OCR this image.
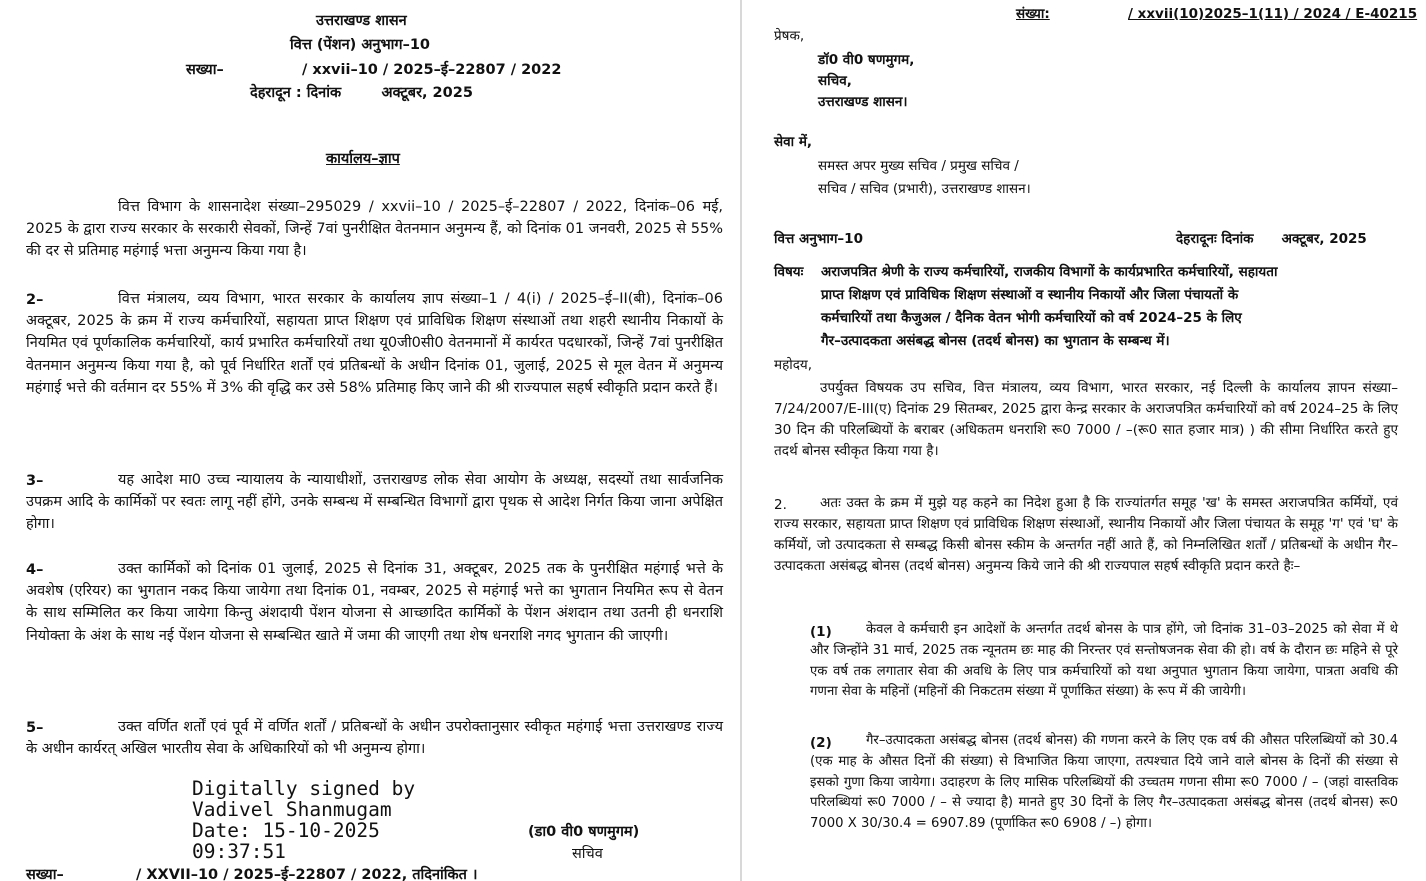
उत्तराखण्ड शासन
वित्त (पेंशन) अनुभाग–10
सख्या–	/ xxvii–10 / 2025–ई–22807 / 2022
देहरादून : दिनांक        अक्टूबर, 2025
कार्यालय–ज्ञाप
वित्त विभाग के शासनादेश संख्या–295029 / xxvii–10 / 2025–ई–22807 / 2022, दिनांक–06 मई, 2025 के द्वारा राज्य सरकार के सरकारी सेवकों, जिन्हें 7वां पुनरीक्षित वेतनमान अनुमन्य हैं, को दिनांक 01 जनवरी, 2025 से 55% की दर से प्रतिमाह महंगाई भत्ता अनुमन्य किया गया है।
2–	वित्त मंत्रालय, व्यय विभाग, भारत सरकार के कार्यालय ज्ञाप संख्या–1 / 4(i) / 2025–ई–II(बी), दिनांक–06 अक्टूबर, 2025 के क्रम में राज्य कर्मचारियों, सहायता प्राप्त शिक्षण एवं प्राविधिक शिक्षण संस्थाओं तथा शहरी स्थानीय निकायों के नियमित एवं पूर्णकालिक कर्मचारियों, कार्य प्रभारित कर्मचारियों तथा यू0जी0सी0 वेतनमानों में कार्यरत पदधारकों, जिन्हें 7वां पुनरीक्षित वेतनमान अनुमन्य किया गया है, को पूर्व निर्धारित शर्तों एवं प्रतिबन्धों के अधीन दिनांक 01, जुलाई, 2025 से मूल वेतन में अनुमन्य महंगाई भत्ते की वर्तमान दर 55% में 3% की वृद्धि कर उसे 58% प्रतिमाह किए जाने की श्री राज्यपाल सहर्ष स्वीकृति प्रदान करते हैं।
3–	यह आदेश मा0 उच्च न्यायालय के न्यायाधीशों, उत्तराखण्ड लोक सेवा आयोग के अध्यक्ष, सदस्यों तथा सार्वजनिक उपक्रम आदि के कार्मिकों पर स्वतः लागू नहीं होंगे, उनके सम्बन्ध में सम्बन्धित विभागों द्वारा पृथक से आदेश निर्गत किया जाना अपेक्षित होगा।
4–	उक्त कार्मिकों को दिनांक 01 जुलाई, 2025 से दिनांक 31, अक्टूबर, 2025 तक के पुनरीक्षित महंगाई भत्ते के अवशेष (एरियर) का भुगतान नकद किया जायेगा तथा दिनांक 01, नवम्बर, 2025 से महंगाई भत्ते का भुगतान नियमित रूप से वेतन के साथ सम्मिलित कर किया जायेगा किन्तु अंशदायी पेंशन योजना से आच्छादित कार्मिकों के पेंशन अंशदान तथा उतनी ही धनराशि नियोक्ता के अंश के साथ नई पेंशन योजना से सम्बन्धित खाते में जमा की जाएगी तथा शेष धनराशि नगद भुगतान की जाएगी।
5–	उक्त वर्णित शर्तों एवं पूर्व में वर्णित शर्तों / प्रतिबन्धों के अधीन उपरोक्तानुसार स्वीकृत महंगाई भत्ता उत्तराखण्ड राज्य के अधीन कार्यरत् अखिल भारतीय सेवा के अधिकारियों को भी अनुमन्य होगा।
Digitally signed by
Vadivel Shanmugam
Date: 15-10-2025
09:37:51
(डा0 वी0 षणमुगम)
सचिव
सख्या–	/ XXVII–10 / 2025–ई–22807 / 2022, तदिनांकित ।
संख्या:	/ xxvii(10)2025–1(11) / 2024 / E-40215
प्रेषक,
डॉ0 वी0 षणमुगम,
सचिव,
उत्तराखण्ड शासन।
सेवा में,
समस्त अपर मुख्य सचिव / प्रमुख सचिव /
सचिव / सचिव (प्रभारी), उत्तराखण्ड शासन।
वित्त अनुभाग–10	देहरादूनः दिनांक      अक्टूबर, 2025
विषयः अराजपत्रित श्रेणी के राज्य कर्मचारियों, राजकीय विभागों के कार्यप्रभारित कर्मचारियों, सहायता
प्राप्त शिक्षण एवं प्राविधिक शिक्षण संस्थाओं व स्थानीय निकायों और जिला पंचायतों के
कर्मचारियों तथा कैजुअल / दैनिक वेतन भोगी कर्मचारियों को वर्ष 2024–25 के लिए
गैर–उत्पादकता असंबद्ध बोनस (तदर्थ बोनस) का भुगतान के सम्बन्ध में।
महोदय,
उपर्युक्त विषयक उप सचिव, वित्त मंत्रालय, व्यय विभाग, भारत सरकार, नई दिल्ली के कार्यालय ज्ञापन संख्या–7/24/2007/E-III(ए) दिनांक 29 सितम्बर, 2025 द्वारा केन्द्र सरकार के अराजपत्रित कर्मचारियों को वर्ष 2024–25 के लिए 30 दिन की परिलब्धियों के बराबर (अधिकतम धनराशि रू0 7000 / –(रू0 सात हजार मात्र) ) की सीमा निर्धारित करते हुए तदर्थ बोनस स्वीकृत किया गया है।
2.	अतः उक्त के क्रम में मुझे यह कहने का निदेश हुआ है कि राज्यांतर्गत समूह 'ख' के समस्त अराजपत्रित कर्मियों, एवं राज्य सरकार, सहायता प्राप्त शिक्षण एवं प्राविधिक शिक्षण संस्थाओं, स्थानीय निकायों और जिला पंचायत के समूह 'ग' एवं 'घ' के कर्मियों, जो उत्पादकता से सम्बद्ध किसी बोनस स्कीम के अन्तर्गत नहीं आते हैं, को निम्नलिखित शर्तों / प्रतिबन्धों के अधीन गैर–उत्पादकता असंबद्ध बोनस (तदर्थ बोनस) अनुमन्य किये जाने की श्री राज्यपाल सहर्ष स्वीकृति प्रदान करते हैः–
(1)	केवल वे कर्मचारी इन आदेशों के अन्तर्गत तदर्थ बोनस के पात्र होंगे, जो दिनांक 31–03–2025 को सेवा में थे और जिन्होंने 31 मार्च, 2025 तक न्यूनतम छः माह की निरन्तर एवं सन्तोषजनक सेवा की हो। वर्ष के दौरान छः महिने से पूरे एक वर्ष तक लगातार सेवा की अवधि के लिए पात्र कर्मचारियों को यथा अनुपात भुगतान किया जायेगा, पात्रता अवधि की गणना सेवा के महिनों (महिनों की निकटतम संख्या में पूर्णाकित संख्या) के रूप में की जायेगी।
(2)	गैर–उत्पादकता असंबद्ध बोनस (तदर्थ बोनस) की गणना करने के लिए एक वर्ष की औसत परिलब्धियों को 30.4 (एक माह के औसत दिनों की संख्या) से विभाजित किया जाएगा, तत्पश्चात दिये जाने वाले बोनस के दिनों की संख्या से इसको गुणा किया जायेगा। उदाहरण के लिए मासिक परिलब्धियों की उच्चतम गणना सीमा रू0 7000 / – (जहां वास्तविक परिलब्धियां रू0 7000 / – से ज्यादा है) मानते हुए 30 दिनों के लिए गैर–उत्पादकता असंबद्ध बोनस (तदर्थ बोनस) रू0 7000 X 30/30.4 = 6907.89 (पूर्णाकित रू0 6908 / –) होगा।
